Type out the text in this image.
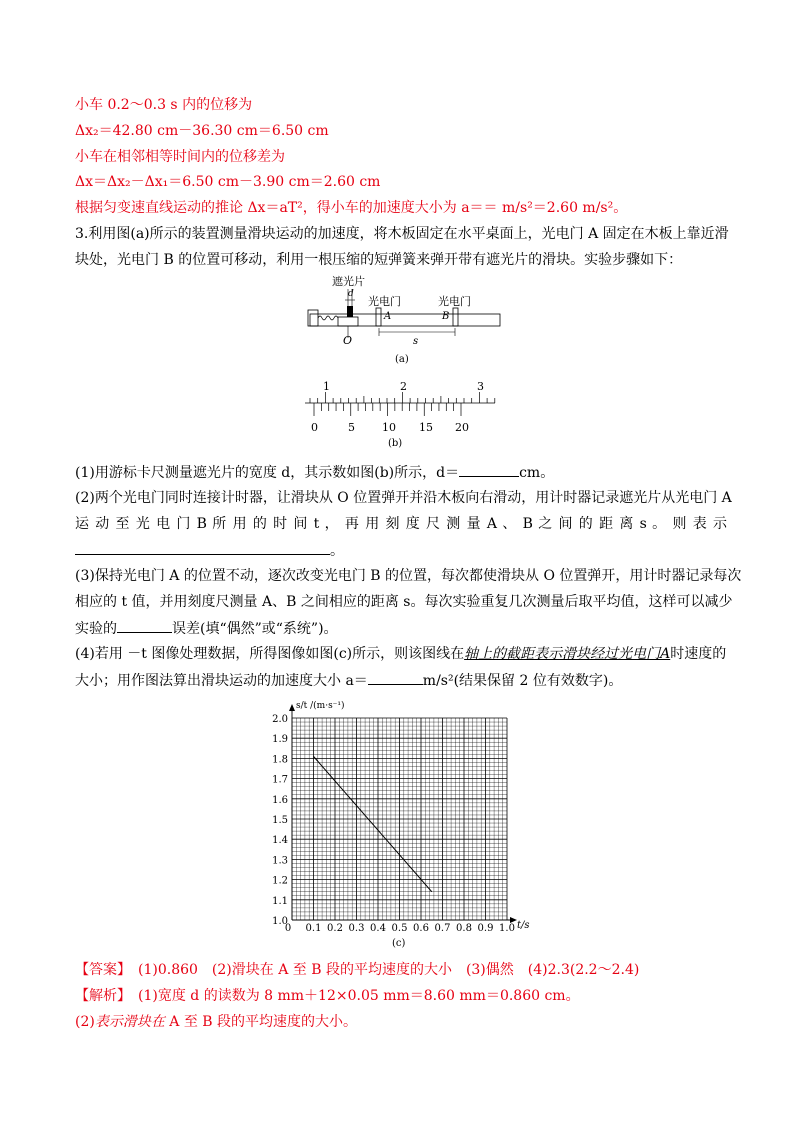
小车 0.2～0.3 s 内的位移为
Δx₂＝42.80 cm－36.30 cm＝6.50 cm
小车在相邻相等时间内的位移差为
Δx＝Δx₂－Δx₁＝6.50 cm－3.90 cm＝2.60 cm
根据匀变速直线运动的推论 Δx＝aT²，得小车的加速度大小为 a＝＝ m/s²＝2.60 m/s²。
3.利用图(a)所示的装置测量滑块运动的加速度，将木板固定在水平桌面上，光电门 A 固定在木板上靠近滑
块处，光电门 B 的位置可移动，利用一根压缩的短弹簧来弹开带有遮光片的滑块。实验步骤如下：
遮光片
d
光电门
A
光电门
B
O	s
(a)
1	2	3
0	5 10 15 20
(b)
(1)用游标卡尺测量遮光片的宽度 d，其示数如图(b)所示，d＝	cm。
(2)两个光电门同时连接计时器，让滑块从 O 位置弹开并沿木板向右滑动，用计时器记录遮光片从光电门 A
运 动 至 光 电 门 B 所 用 的 时 间 t ， 再 用 刻 度 尺 测 量 A 、 B 之 间 的 距 离 s 。 则 表 示
。
(3)保持光电门 A 的位置不动，逐次改变光电门 B 的位置，每次都使滑块从 O 位置弹开，用计时器记录每次
相应的 t 值，并用刻度尺测量 A、B 之间相应的距离 s。每次实验重复几次测量后取平均值，这样可以减少
实验的	误差(填“偶然”或“系统”)。
(4)若用 －t 图像处理数据，所得图像如图(c)所示，则该图线在轴上的截距表示滑块经过光电门A时速度的
大小；用作图法算出滑块运动的加速度大小 a＝	m/s²(结果保留 2 位有效数字)。
1.0
1.1
1.2
1.3
1.4
1.5
1.6
1.7
1.8
1.9
2.0
0 0.1 0.2 0.3 0.4 0.5 0.6 0.7 0.8 0.9 1.0
s/t /(m·s⁻¹)
t/s
(c)
【答案】　 (1)0.860　(2)滑块在 A 至 B 段的平均速度的大小　(3)偶然　(4)2.3(2.2～2.4)
【解析】　 (1)宽度 d 的读数为 8 mm＋12×0.05 mm＝8.60 mm＝0.860 cm。
(2)表示滑块在 A 至 B 段的平均速度的大小。
